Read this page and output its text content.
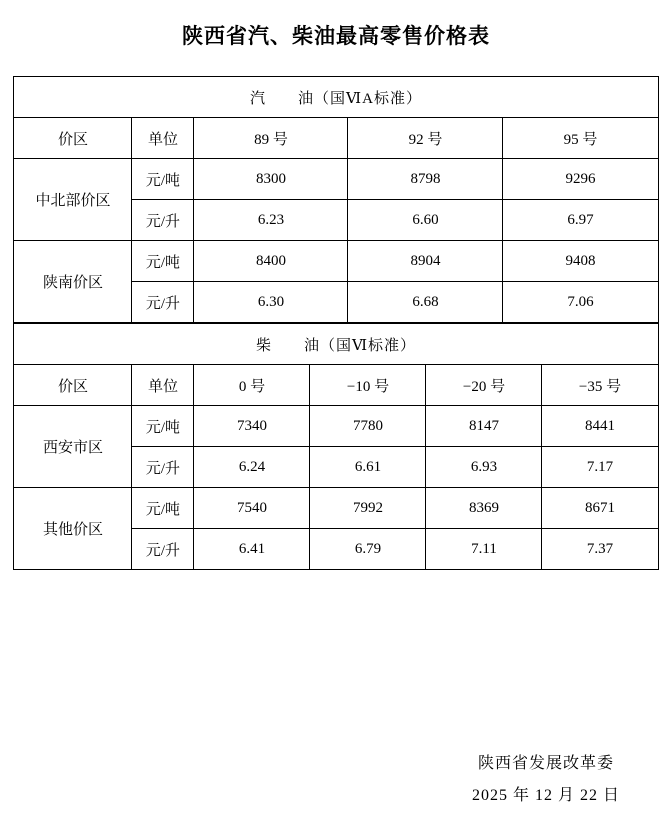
陕西省汽、柴油最高零售价格表
汽　　油（国ⅥA标准）				
价区	单位	89 号	92 号	95 号
中北部价区	元/吨	8300	8798	9296
	元/升	6.23	6.60	6.97
陕南价区	元/吨	8400	8904	9408
	元/升	6.30	6.68	7.06
柴　　油（国Ⅵ标准）					
价区	单位	0 号	−10 号	−20 号	−35 号
西安市区	元/吨	7340	7780	8147	8441
	元/升	6.24	6.61	6.93	7.17
其他价区	元/吨	7540	7992	8369	8671
	元/升	6.41	6.79	7.11	7.37
陕西省发展改革委
2025 年 12 月 22 日
